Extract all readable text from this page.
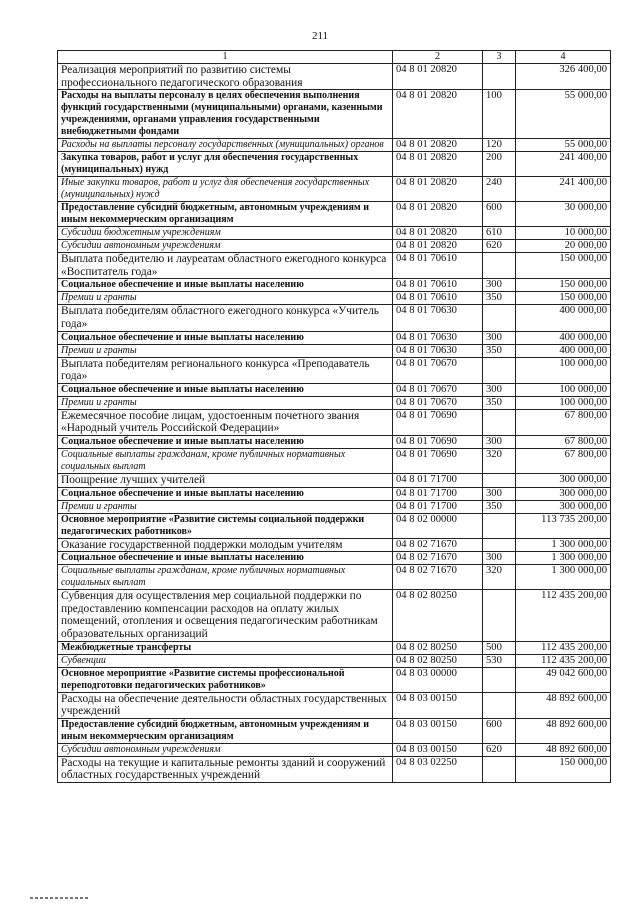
211
1	2	3	4
Реализация мероприятий по развитию системы профессионального педагогического образования	04 8 01 20820		326 400,00
Расходы на выплаты персоналу в целях обеспечения выполнения функций государственными (муниципальными) органами, казенными учреждениями, органами управления государственными внебюджетными фондами	04 8 01 20820	100	55 000,00
Расходы на выплаты персоналу государственных (муниципальных) органов	04 8 01 20820	120	55 000,00
Закупка товаров, работ и услуг для обеспечения государственных (муниципальных) нужд	04 8 01 20820	200	241 400,00
Иные закупки товаров, работ и услуг для обеспечения государственных (муниципальных) нужд	04 8 01 20820	240	241 400,00
Предоставление субсидий бюджетным, автономным учреждениям и иным некоммерческим организациям	04 8 01 20820	600	30 000,00
Субсидии бюджетным учреждениям	04 8 01 20820	610	10 000,00
Субсидии автономным учреждениям	04 8 01 20820	620	20 000,00
Выплата победителю и лауреатам областного ежегодного конкурса «Воспитатель года»	04 8 01 70610		150 000,00
Социальное обеспечение и иные выплаты населению	04 8 01 70610	300	150 000,00
Премии и гранты	04 8 01 70610	350	150 000,00
Выплата победителям областного ежегодного конкурса «Учитель года»	04 8 01 70630		400 000,00
Социальное обеспечение и иные выплаты населению	04 8 01 70630	300	400 000,00
Премии и гранты	04 8 01 70630	350	400 000,00
Выплата победителям регионального конкурса «Преподаватель года»	04 8 01 70670		100 000,00
Социальное обеспечение и иные выплаты населению	04 8 01 70670	300	100 000,00
Премии и гранты	04 8 01 70670	350	100 000,00
Ежемесячное пособие лицам, удостоенным почетного звания «Народный учитель Российской Федерации»	04 8 01 70690		67 800,00
Социальное обеспечение и иные выплаты населению	04 8 01 70690	300	67 800,00
Социальные выплаты гражданам, кроме публичных нормативных социальных выплат	04 8 01 70690	320	67 800,00
Поощрение лучших учителей	04 8 01 71700		300 000,00
Социальное обеспечение и иные выплаты населению	04 8 01 71700	300	300 000,00
Премии и гранты	04 8 01 71700	350	300 000,00
Основное мероприятие «Развитие системы социальной поддержки педагогических работников»	04 8 02 00000		113 735 200,00
Оказание государственной поддержки молодым учителям	04 8 02 71670		1 300 000,00
Социальное обеспечение и иные выплаты населению	04 8 02 71670	300	1 300 000,00
Социальные выплаты гражданам, кроме публичных нормативных социальных выплат	04 8 02 71670	320	1 300 000,00
Субвенция для осуществления мер социальной поддержки по предоставлению компенсации расходов на оплату жилых помещений, отопления и освещения педагогическим работникам образовательных организаций	04 8 02 80250		112 435 200,00
Межбюджетные трансферты	04 8 02 80250	500	112 435 200,00
Субвенции	04 8 02 80250	530	112 435 200,00
Основное мероприятие «Развитие системы профессиональной переподготовки педагогических работников»	04 8 03 00000		49 042 600,00
Расходы на обеспечение деятельности областных государственных учреждений	04 8 03 00150		48 892 600,00
Предоставление субсидий бюджетным, автономным учреждениям и иным некоммерческим организациям	04 8 03 00150	600	48 892 600,00
Субсидии автономным учреждениям	04 8 03 00150	620	48 892 600,00
Расходы на текущие и капитальные ремонты зданий и сооружений областных государственных учреждений	04 8 03 02250		150 000,00
